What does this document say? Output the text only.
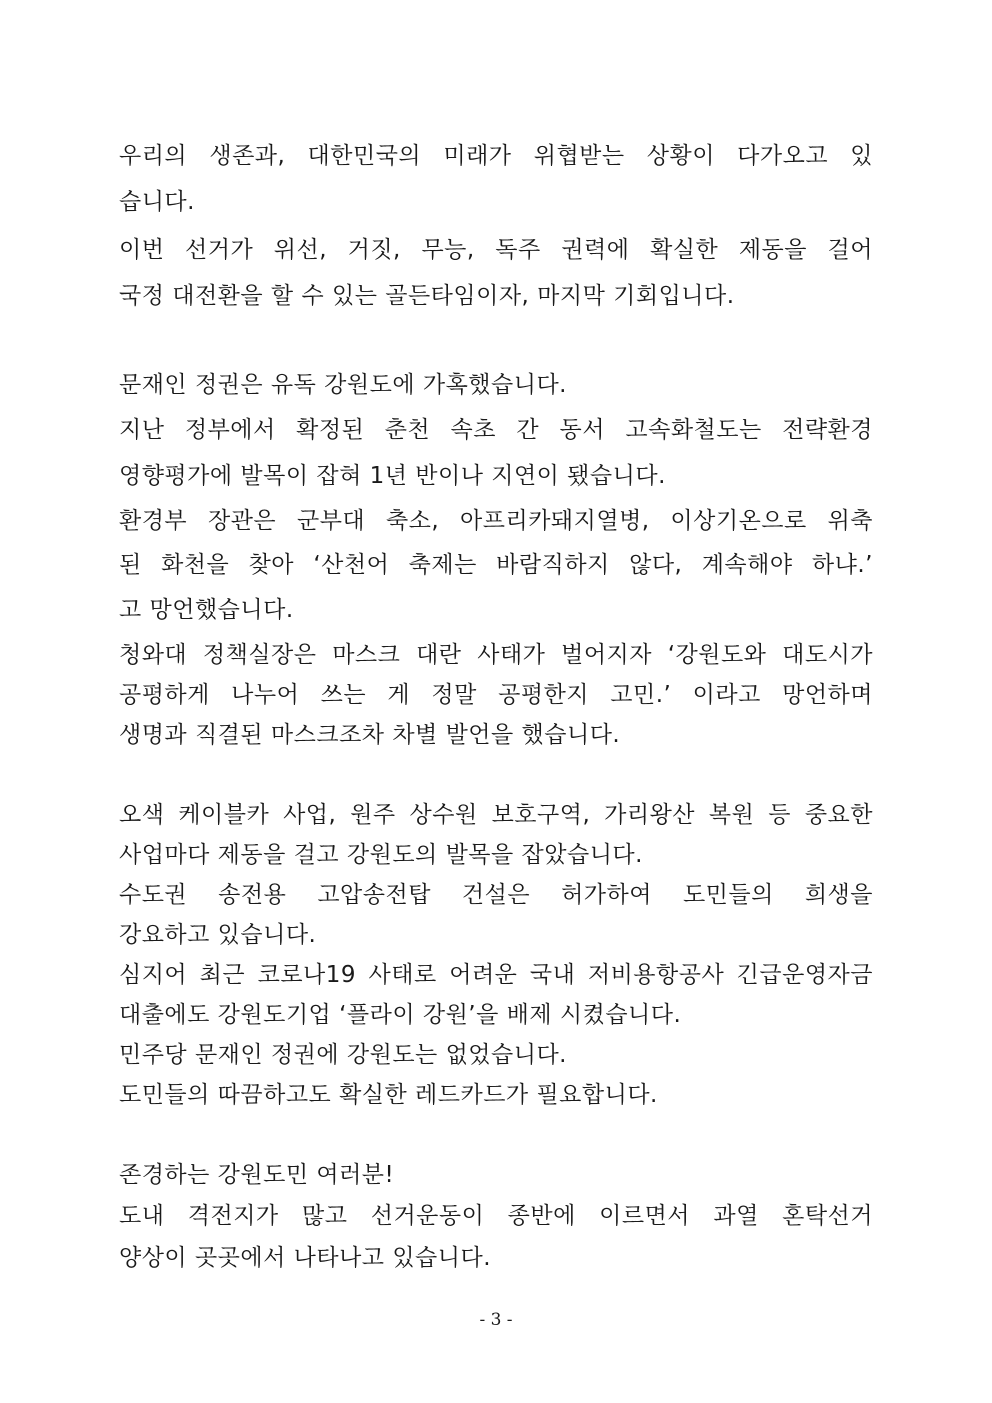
우리의 생존과, 대한민국의 미래가 위협받는 상황이 다가오고 있
습니다.
이번 선거가 위선, 거짓, 무능, 독주 권력에 확실한 제동을 걸어
국정 대전환을 할 수 있는 골든타임이자, 마지막 기회입니다.
문재인 정권은 유독 강원도에 가혹했습니다.
지난 정부에서 확정된 춘천 속초 간 동서 고속화철도는 전략환경
영향평가에 발목이 잡혀 1년 반이나 지연이 됐습니다.
환경부 장관은 군부대 축소, 아프리카돼지열병, 이상기온으로 위축
된 화천을 찾아 ‘산천어 축제는 바람직하지 않다, 계속해야 하냐.’
고 망언했습니다.
청와대 정책실장은 마스크 대란 사태가 벌어지자 ‘강원도와 대도시가
공평하게 나누어 쓰는 게 정말 공평한지 고민.’ 이라고 망언하며
생명과 직결된 마스크조차 차별 발언을 했습니다.
오색 케이블카 사업, 원주 상수원 보호구역, 가리왕산 복원 등 중요한
사업마다 제동을 걸고 강원도의 발목을 잡았습니다.
수도권 송전용 고압송전탑 건설은 허가하여 도민들의 희생을
강요하고 있습니다.
심지어 최근 코로나19 사태로 어려운 국내 저비용항공사 긴급운영자금
대출에도 강원도기업 ‘플라이 강원’을 배제 시켰습니다.
민주당 문재인 정권에 강원도는 없었습니다.
도민들의 따끔하고도 확실한 레드카드가 필요합니다.
존경하는 강원도민 여러분!
도내 격전지가 많고 선거운동이 종반에 이르면서 과열 혼탁선거
양상이 곳곳에서 나타나고 있습니다.
- 3 -
